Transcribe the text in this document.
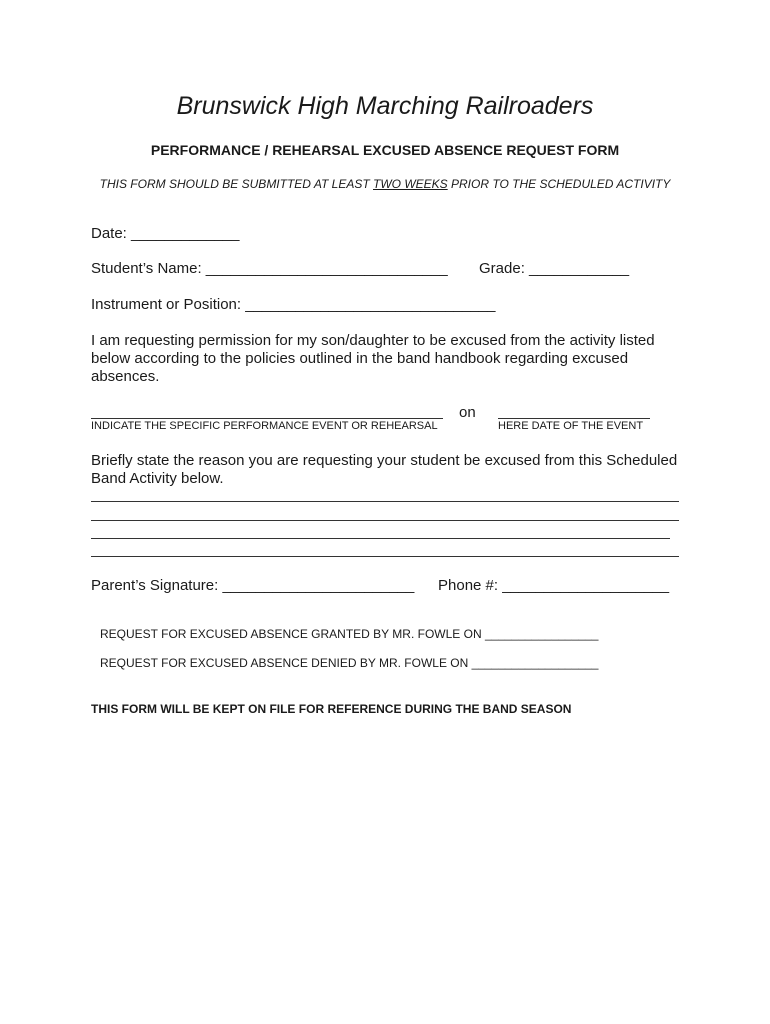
Brunswick High Marching Railroaders
PERFORMANCE / REHEARSAL EXCUSED ABSENCE REQUEST FORM
THIS FORM SHOULD BE SUBMITTED AT LEAST TWO WEEKS PRIOR TO THE SCHEDULED ACTIVITY
Date: _____________
Student’s Name: _____________________________ Grade: ____________
Instrument or Position: ______________________________
I am requesting permission for my son/daughter to be excused from the activity listed below according to the policies outlined in the band handbook regarding excused absences.
on
INDICATE THE SPECIFIC PERFORMANCE EVENT OR REHEARSAL	HERE DATE OF THE EVENT
Briefly state the reason you are requesting your student be excused from this Scheduled Band Activity below.
Parent’s Signature: _______________________ Phone #: ____________________
REQUEST FOR EXCUSED ABSENCE GRANTED BY MR. FOWLE ON _________________
REQUEST FOR EXCUSED ABSENCE DENIED BY MR. FOWLE ON ___________________
THIS FORM WILL BE KEPT ON FILE FOR REFERENCE DURING THE BAND SEASON
